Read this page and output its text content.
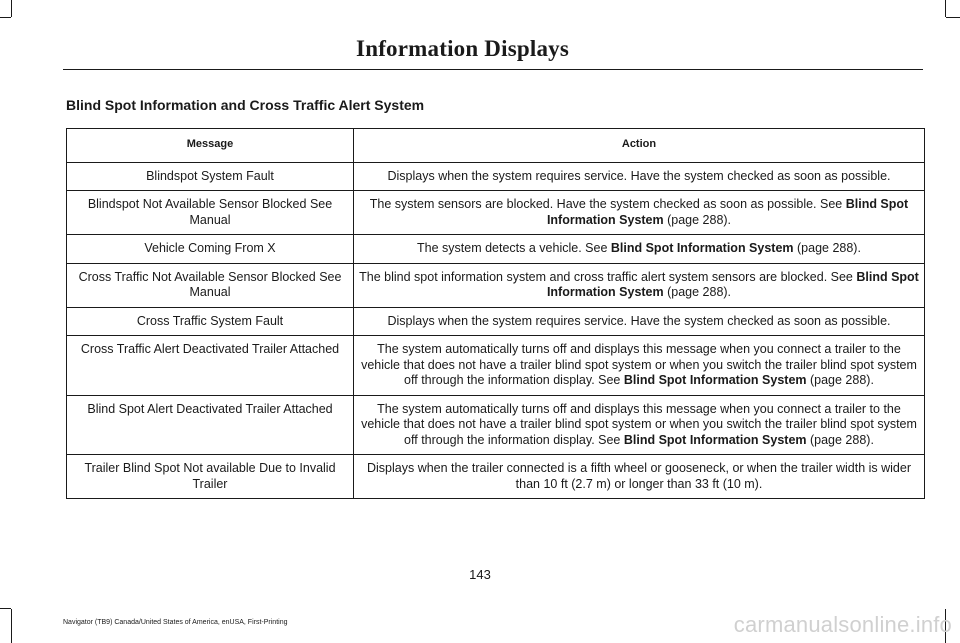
Information Displays
Blind Spot Information and Cross Traffic Alert System
Message	Action
Blindspot System Fault	Displays when the system requires service. Have the system checked as soon as possible.
Blindspot Not Available Sensor Blocked See Manual	The system sensors are blocked. Have the system checked as soon as possible. See Blind Spot Information System (page 288).
Vehicle Coming From X	The system detects a vehicle. See Blind Spot Information System (page 288).
Cross Traffic Not Available Sensor Blocked See Manual	The blind spot information system and cross traffic alert system sensors are blocked. See Blind Spot Information System (page 288).
Cross Traffic System Fault	Displays when the system requires service. Have the system checked as soon as possible.
Cross Traffic Alert Deactivated Trailer Attached	The system automatically turns off and displays this message when you connect a trailer to the vehicle that does not have a trailer blind spot system or when you switch the trailer blind spot system off through the information display. See Blind Spot Information System (page 288).
Blind Spot Alert Deactivated Trailer Attached	The system automatically turns off and displays this message when you connect a trailer to the vehicle that does not have a trailer blind spot system or when you switch the trailer blind spot system off through the information display. See Blind Spot Information System (page 288).
Trailer Blind Spot Not available Due to Invalid Trailer	Displays when the trailer connected is a fifth wheel or gooseneck, or when the trailer width is wider than 10 ft (2.7 m) or longer than 33 ft (10 m).
143
Navigator (TB9) Canada/United States of America, enUSA, First-Printing	carmanualsonline.info
